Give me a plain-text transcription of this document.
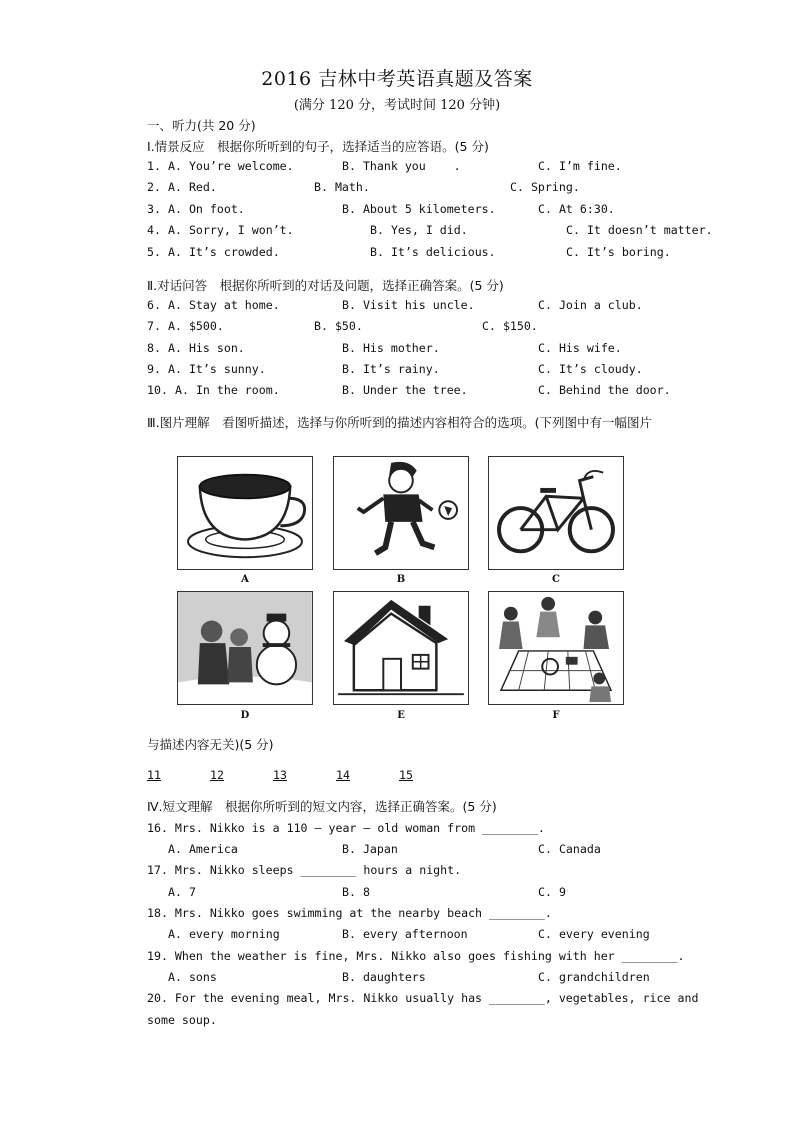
2016 吉林中考英语真题及答案
(满分 120 分，考试时间 120 分钟)
一、听力(共 20 分)
Ⅰ.情景反应　根据你所听到的句子，选择适当的应答语。(5 分)
1. A. You’re welcome.	B. Thank you    .	C. I’m fine.
2. A. Red.	B. Math.	C. Spring.
3. A. On foot.	B. About 5 kilometers.	C. At 6:30.
4. A. Sorry, I won’t.	B. Yes, I did.	C. It doesn’t matter.
5. A. It’s crowded.	B. It’s delicious.	C. It’s boring.
Ⅱ.对话问答　根据你所听到的对话及问题，选择正确答案。(5 分)
6. A. Stay at home.	B. Visit his uncle.	C. Join a club.
7. A. $500.	B. $50.	C. $150.
8. A. His son.	B. His mother.	C. His wife.
9. A. It’s sunny.	B. It’s rainy.	C. It’s cloudy.
10. A. In the room.	B. Under the tree.	C. Behind the door.
Ⅲ.图片理解　看图听描述，选择与你所听到的描述内容相符合的选项。(下列图中有一幅图片
A	B	C
D	E	F
与描述内容无关)(5 分)
11	12	13	14	15
Ⅳ.短文理解　根据你所听到的短文内容，选择正确答案。(5 分)
16. Mrs. Nikko is a 110 – year – old woman from ________.
A. America	B. Japan	C. Canada
17. Mrs. Nikko sleeps ________ hours a night.
A. 7	B. 8	C. 9
18. Mrs. Nikko goes swimming at the nearby beach ________.
A. every morning	B. every afternoon	C. every evening
19. When the weather is fine, Mrs. Nikko also goes fishing with her ________.
A. sons	B. daughters	C. grandchildren
20. For the evening meal, Mrs. Nikko usually has ________, vegetables, rice and
some soup.
